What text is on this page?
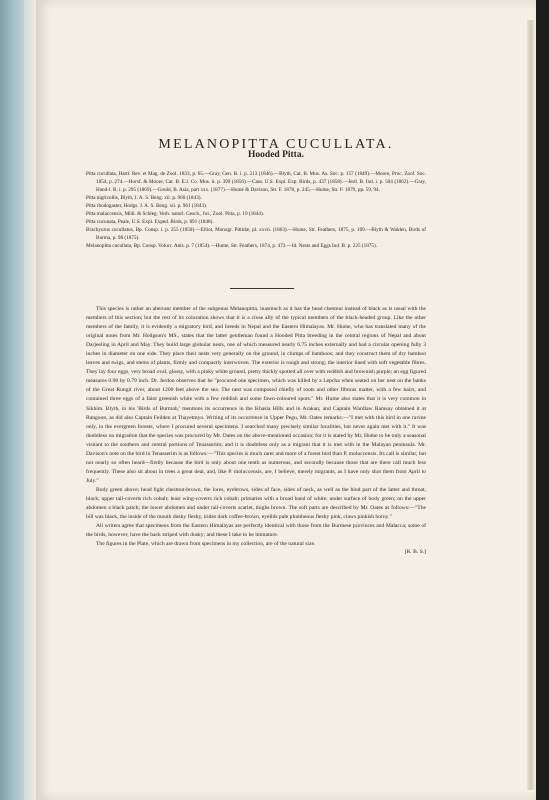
MELANOPITTA CUCULLATA.
Hooded Pitta.

Pitta cucullata, Hartl. Rev. et Mag. de Zool. 1833, p. 65.—Gray, Gen. B. i. p. 213 (1846).—Blyth, Cat. B. Mus. As. Soc. p. 157 (1849).—Moore, Proc. Zool. Soc. 1854, p. 274.—Horsf. & Moore, Cat. B. E.I. Co. Mus. ii. p. 399 (1856).—Cass. U.S. Expl. Exp. Birds, p. 437 (1858).—Jerd. B. Ind. i. p. 504 (1862).—Gray, Hand-l. B. i. p. 295 (1869).—Gould, B. Asia, part xxx. (1877).—Hume & Davison, Str. F. 1878, p. 245.—Hume, Str. F. 1879, pp. 59, 94.

Pitta nigricollis, Blyth, J. A. S. Beng. xii. p. 960 (1843).

Pitta rhodogaster, Hodgs. J. A. S. Beng. xii. p. 961 (1843).

Pitta malaccensis, Müll. & Schleg. Verh. naturl. Gesch., fol., Zool. Pitta, p. 19 (1844).

Pitta cucunata, Peale, U.S. Expl. Exped. Birds, p. 891 (1848).

Brachyurus cucullatus, Bp. Consp. i. p. 255 (1850).—Elliot, Monogr. Pittidæ, pl. xxvii. (1863).—Hume, Str. Feathers, 1875, p. 109.—Blyth & Walden, Birds of Burma, p. 98 (1875).

Melanopitta cucullata, Bp. Consp. Volucr. Anis. p. 7 (1854).—Hume, Str. Feathers, 1874, p. 473.—Id. Nests and Eggs Ind. B. p. 225 (1875).

This species is rather an aberrant member of the subgenus Melanopitta, inasmuch as it has the head chestnut instead of black as is usual with the members of this section; but the rest of its coloration shows that it is a close ally of the typical members of the black-headed group. Like the other members of the family, it is evidently a migratory bird, and breeds in Nepal and the Eastern Himalayas. Mr. Hume, who has translated many of the original notes from Mr. Hodgson's MS., states that the latter gentleman found a Hooded Pitta breeding in the central regions of Nepal and about Darjeeling in April and May. They build large globular nests, one of which measured nearly 6.75 inches externally and had a circular opening fully 3 inches in diameter on one side. They place their nests very generally on the ground, in clumps of bamboos; and they construct them of dry bamboo leaves and twigs, and stems of plants, firmly and compactly interwoven. The exterior is rough and strong; the interior lined with soft vegetable fibres. They lay four eggs, very broad oval, glossy, with a pinky white ground, pretty thickly spotted all over with reddish and brownish purple; an egg figured measures 0.96 by 0.79 inch. Dr. Jerdon observes that he "procured one specimen, which was killed by a Lepcha when seated on her nest on the banks of the Great Rungit river, about 1200 feet above the sea. The nest was composed chiefly of roots and other fibrous matter, with a few hairs, and contained three eggs of a faint greenish white with a few reddish and some fawn-coloured spots." Mr. Hume also states that it is very common in Sikhim. Blyth, in his 'Birds of Burmah,' mentions its occurrence in the Khasia Hills and in Arakan; and Captain Wardlaw Ramsay obtained it at Rangoon, as did also Captain Feilden at Thayetmyo. Writing of its occurrence in Upper Pegu, Mr. Oates remarks:—"I met with this bird in one ravine only, in the evergreen forests, where I procured several specimens. I searched many precisely similar localities, but never again met with it." It was doubtless on migration that the species was procured by Mr. Oates on the above-mentioned occasion; for it is stated by Mr. Hume to be only a seasonal visitant to the southern and central portions of Tenasserim; and it is doubtless only as a migrant that it is met with in the Malayan peninsula. Mr. Davison's note on the bird in Tenasserim is as follows:—"This species is much rarer and more of a forest bird than P. moluccensis. Its call is similar, but not nearly so often heard—firstly because the bird is only about one tenth as numerous, and secondly because those that are there call much less frequently. These also sit about in trees a great deal, and, like P. moluccensis, are, I believe, merely migrants, as I have only shot them from April to July."

Body green above; head light chestnut-brown, the lores, eyebrows, sides of face, sides of neck, as well as the hind part of the latter and throat, black; upper tail-coverts rich cobalt; least wing-coverts rich cobalt; primaries with a broad band of white; under surface of body green; on the upper abdomen a black patch; the lower abdomen and under tail-coverts scarlet, thighs brown. The soft parts are described by Mr. Oates as follows:—"The bill was black, the inside of the mouth dusky fleshy, irides dark coffee-brown, eyelids pale plumbeous fleshy pink, claws pinkish horny."

All writers agree that specimens from the Eastern Himalayas are perfectly identical with those from the Burmese provinces and Malacca; some of the birds, however, have the back striped with dusky; and these I take to be immature.

The figures in the Plate, which are drawn from specimens in my collection, are of the natural size.

[R. B. S.]
